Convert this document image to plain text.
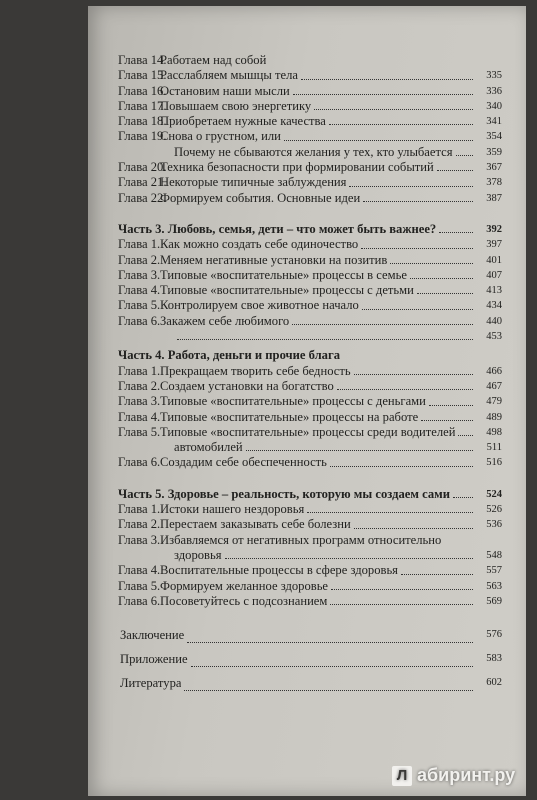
Глава 14.Работаем над собой
Глава 15.Расслабляем мышцы тела	335
Глава 16.Остановим наши мысли	336
Глава 17.Повышаем свою энергетику	340
Глава 18.Приобретаем нужные качества	341
Глава 19.Снова о грустном, или	354
Почему не сбываются желания у тех, кто улыбается	359
Глава 20.Техника безопасности при формировании событий	367
Глава 21.Некоторые типичные заблуждения	378
Глава 22.Формируем события. Основные идеи	387
Часть 3. Любовь, семья, дети – что может быть важнее?	392
Глава 1.Как можно создать себе одиночество	397
Глава 2.Меняем негативные установки на позитив	401
Глава 3.Типовые «воспитательные» процессы в семье	407
Глава 4.Типовые «воспитательные» процессы с детьми	413
Глава 5.Контролируем свое животное начало	434
Глава 6.Закажем себе любимого	440
453
Часть 4. Работа, деньги и прочие блага
Глава 1.Прекращаем творить себе бедность	466
Глава 2.Создаем установки на богатство	467
Глава 3.Типовые «воспитательные» процессы с деньгами	479
Глава 4.Типовые «воспитательные» процессы на работе	489
Глава 5.Типовые «воспитательные» процессы среди водителей	498
автомобилей	511
Глава 6.Создадим себе обеспеченность	516
Часть 5. Здоровье – реальность, которую мы создаем сами	524
Глава 1.Истоки нашего нездоровья	526
Глава 2.Перестаем заказывать себе болезни	536
Глава 3.Избавляемся от негативных программ относительно
здоровья	548
Глава 4.Воспитательные процессы в сфере здоровья	557
Глава 5.Формируем желанное здоровье	563
Глава 6.Посоветуйтесь с подсознанием	569
Заключение	576
Приложение	583
Литература	602
Л абиринт.ру
